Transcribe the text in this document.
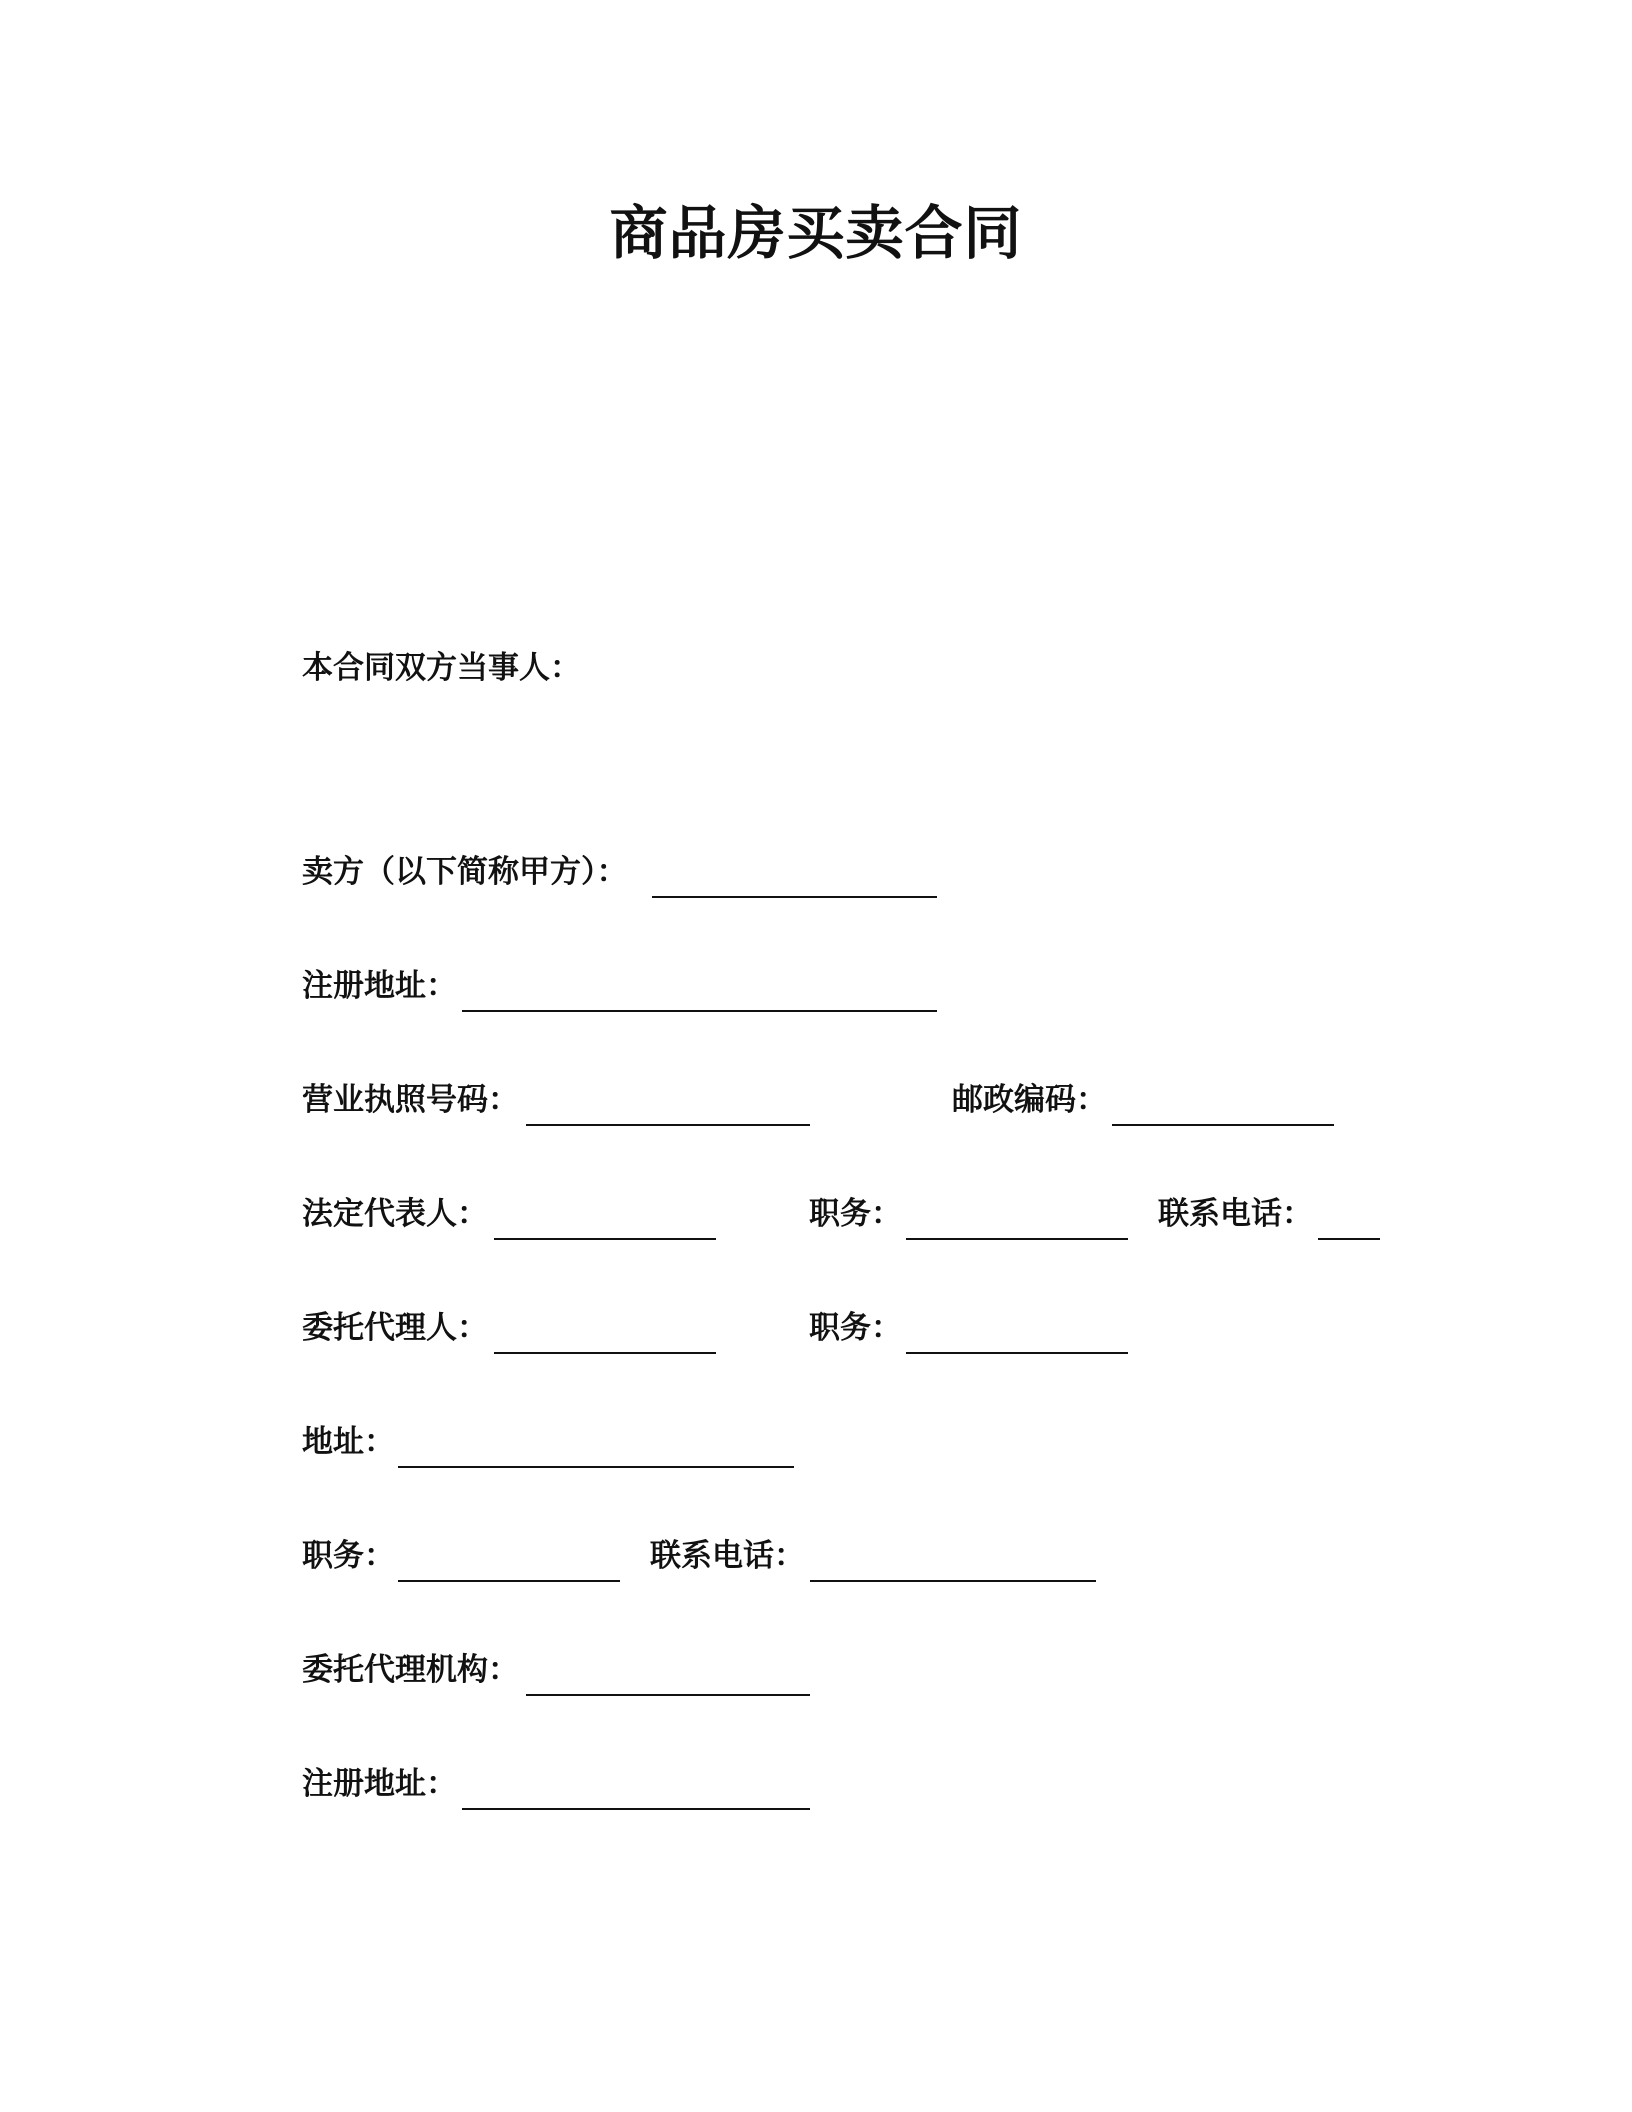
商品房买卖合同
本合同双方当事人：
卖方（以下简称甲方）：
注册地址：
营业执照号码：	邮政编码：
法定代表人：	职务：	联系电话：
委托代理人：	职务：
地址：
职务：	联系电话：
委托代理机构：
注册地址：
